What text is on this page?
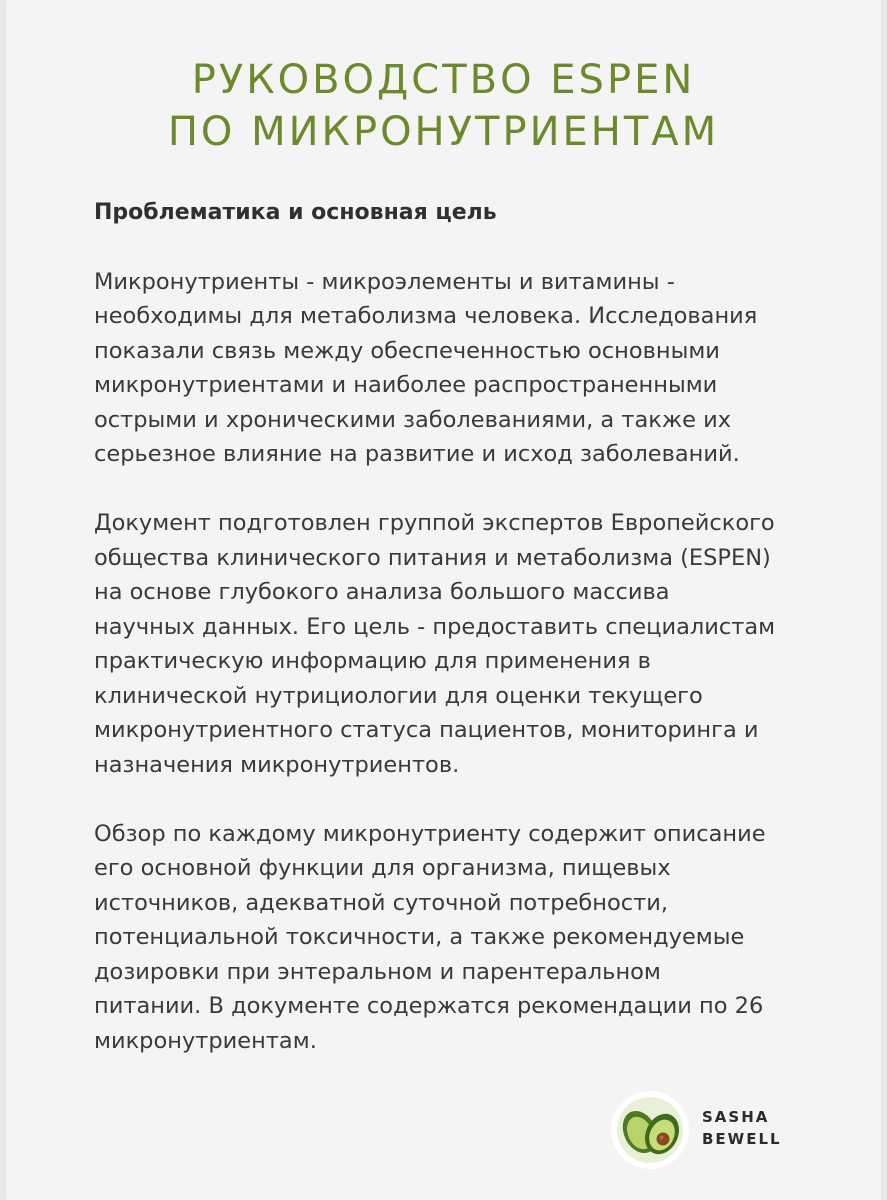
РУКОВОДСТВО ESPEN
ПО МИКРОНУТРИЕНТАМ
Проблематика и основная цель
Микронутриенты - микроэлементы и витамины -
необходимы для метаболизма человека. Исследования
показали связь между обеспеченностью основными
микронутриентами и наиболее распространенными
острыми и хроническими заболеваниями, а также их
серьезное влияние на развитие и исход заболеваний.
Документ подготовлен группой экспертов Европейского
общества клинического питания и метаболизма (ESPEN)
на основе глубокого анализа большого массива
научных данных. Его цель - предоставить специалистам
практическую информацию для применения в
клинической нутрициологии для оценки текущего
микронутриентного статуса пациентов, мониторинга и
назначения микронутриентов.
Обзор по каждому микронутриенту содержит описание
его основной функции для организма, пищевых
источников, адекватной суточной потребности,
потенциальной токсичности, а также рекомендуемые
дозировки при энтеральном и парентеральном
питании. В документе содержатся рекомендации по 26
микронутриентам.
SASHA
BEWELL
